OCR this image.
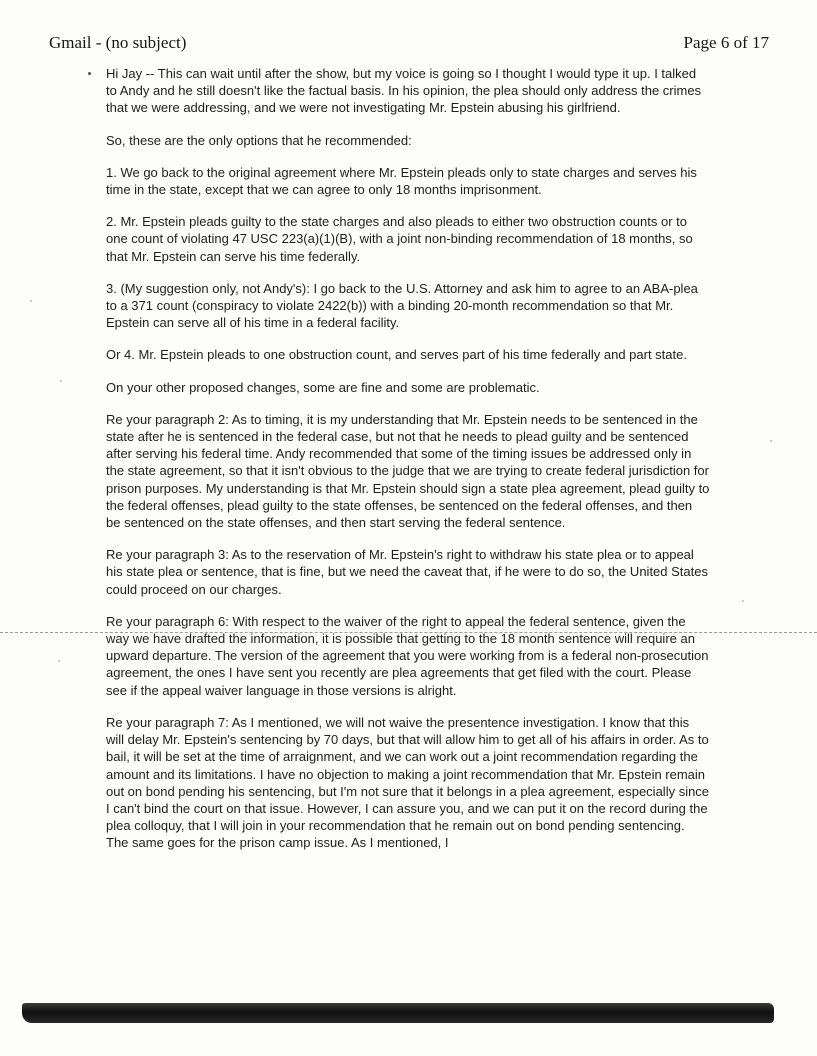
Gmail - (no subject)	Page 6 of 17

Hi Jay -- This can wait until after the show, but my voice is going so I thought I would type it up. I talked to Andy and he still doesn't like the factual basis. In his opinion, the plea should only address the crimes that we were addressing, and we were not investigating Mr. Epstein abusing his girlfriend.

So, these are the only options that he recommended:

1. We go back to the original agreement where Mr. Epstein pleads only to state charges and serves his time in the state, except that we can agree to only 18 months imprisonment.

2. Mr. Epstein pleads guilty to the state charges and also pleads to either two obstruction counts or to one count of violating 47 USC 223(a)(1)(B), with a joint non-binding recommendation of 18 months, so that Mr. Epstein can serve his time federally.

3. (My suggestion only, not Andy's): I go back to the U.S. Attorney and ask him to agree to an ABA-plea to a 371 count (conspiracy to violate 2422(b)) with a binding 20-month recommendation so that Mr. Epstein can serve all of his time in a federal facility.

Or 4. Mr. Epstein pleads to one obstruction count, and serves part of his time federally and part state.

On your other proposed changes, some are fine and some are problematic.

Re your paragraph 2: As to timing, it is my understanding that Mr. Epstein needs to be sentenced in the state after he is sentenced in the federal case, but not that he needs to plead guilty and be sentenced after serving his federal time. Andy recommended that some of the timing issues be addressed only in the state agreement, so that it isn't obvious to the judge that we are trying to create federal jurisdiction for prison purposes. My understanding is that Mr. Epstein should sign a state plea agreement, plead guilty to the federal offenses, plead guilty to the state offenses, be sentenced on the federal offenses, and then be sentenced on the state offenses, and then start serving the federal sentence.

Re your paragraph 3: As to the reservation of Mr. Epstein's right to withdraw his state plea or to appeal his state plea or sentence, that is fine, but we need the caveat that, if he were to do so, the United States could proceed on our charges.

Re your paragraph 6: With respect to the waiver of the right to appeal the federal sentence, given the way we have drafted the information, it is possible that getting to the 18 month sentence will require an upward departure. The version of the agreement that you were working from is a federal non-prosecution agreement, the ones I have sent you recently are plea agreements that get filed with the court. Please see if the appeal waiver language in those versions is alright.

Re your paragraph 7: As I mentioned, we will not waive the presentence investigation. I know that this will delay Mr. Epstein's sentencing by 70 days, but that will allow him to get all of his affairs in order. As to bail, it will be set at the time of arraignment, and we can work out a joint recommendation regarding the amount and its limitations. I have no objection to making a joint recommendation that Mr. Epstein remain out on bond pending his sentencing, but I'm not sure that it belongs in a plea agreement, especially since I can't bind the court on that issue. However, I can assure you, and we can put it on the record during the plea colloquy, that I will join in your recommendation that he remain out on bond pending sentencing. The same goes for the prison camp issue. As I mentioned, I
